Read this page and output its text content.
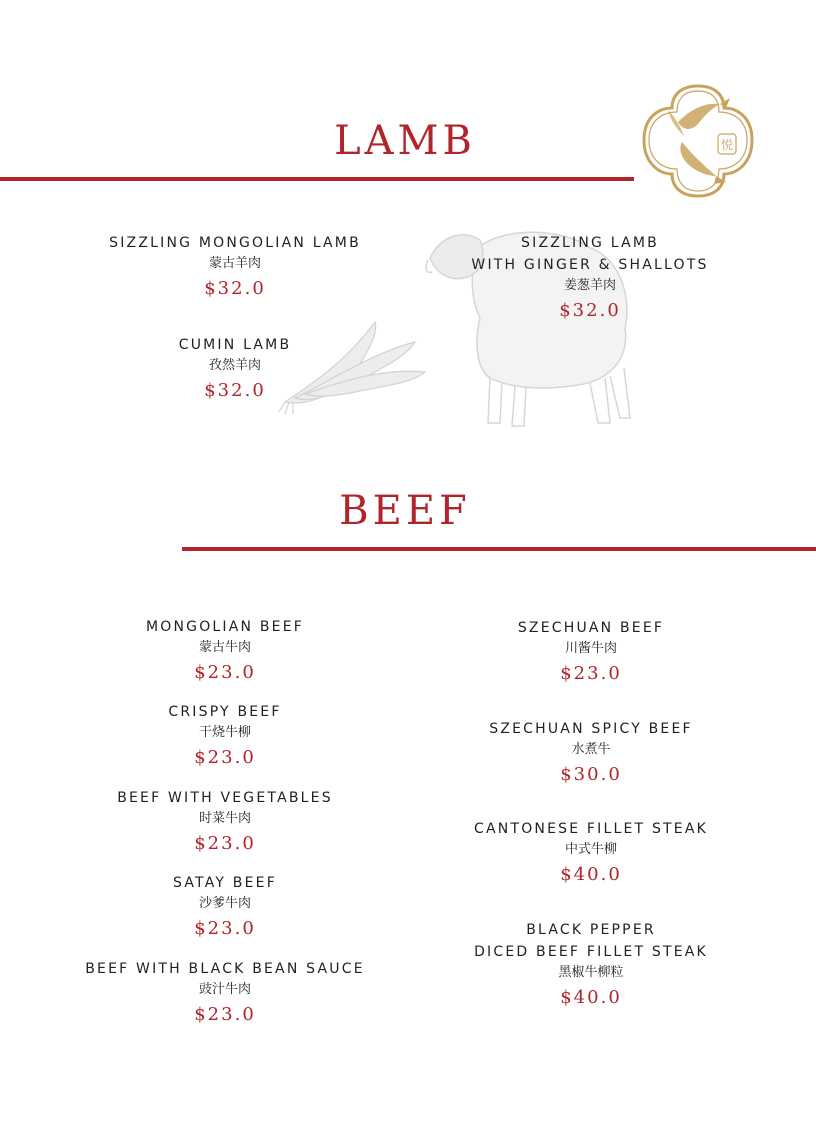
悦
LAMB
SIZZLING MONGOLIAN LAMB
蒙古羊肉
$32.0
CUMIN LAMB
孜然羊肉
$32.0
SIZZLING LAMB
WITH GINGER & SHALLOTS
姜葱羊肉
$32.0
BEEF
MONGOLIAN BEEF
蒙古牛肉
$23.0
CRISPY BEEF
干烧牛柳
$23.0
BEEF WITH VEGETABLES
时菜牛肉
$23.0
SATAY BEEF
沙爹牛肉
$23.0
BEEF WITH BLACK BEAN SAUCE
豉汁牛肉
$23.0
SZECHUAN BEEF
川酱牛肉
$23.0
SZECHUAN SPICY BEEF
水煮牛
$30.0
CANTONESE FILLET STEAK
中式牛柳
$40.0
BLACK PEPPER
DICED BEEF FILLET STEAK
黑椒牛柳粒
$40.0
